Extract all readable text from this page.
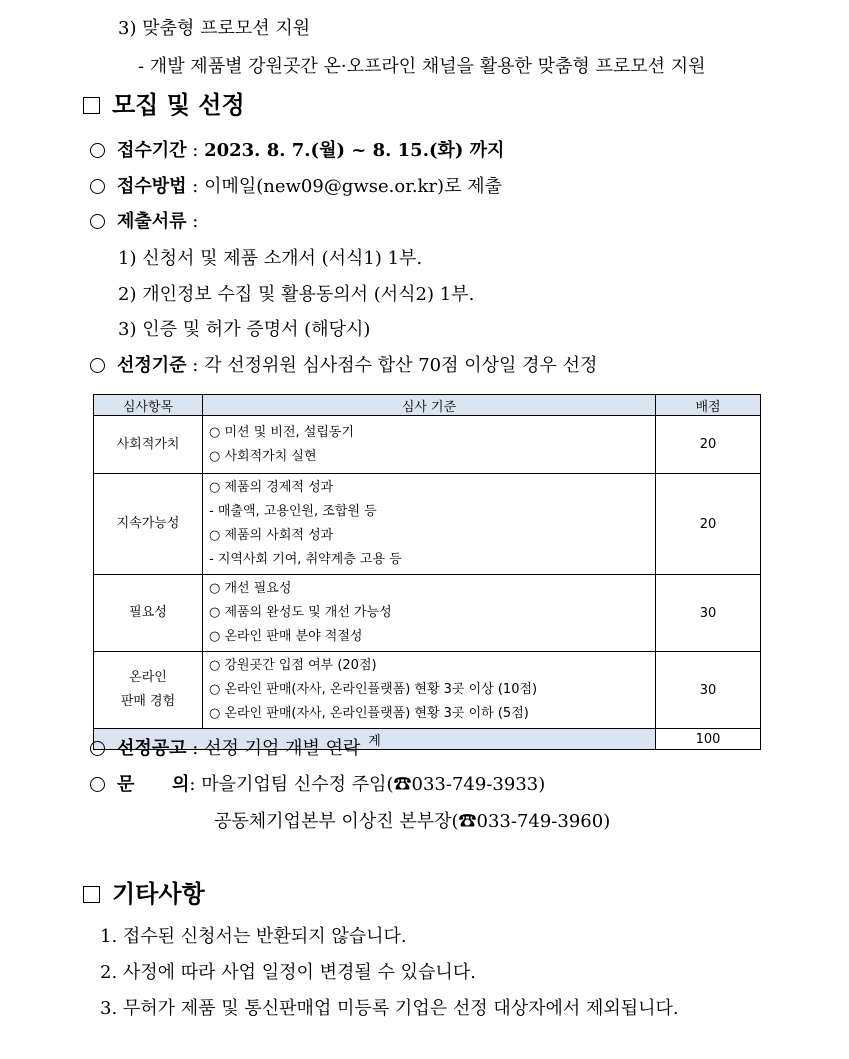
3) 맞춤형 프로모션 지원
- 개발 제품별 강원곳간 온·오프라인 채널을 활용한 맞춤형 프로모션 지원
모집 및 선정
접수기간 : 2023. 8. 7.(월) ~ 8. 15.(화) 까지
접수방법 : 이메일(new09@gwse.or.kr)로 제출
제출서류 :
1) 신청서 및 제품 소개서 (서식1) 1부.
2) 개인정보 수집 및 활용동의서 (서식2) 1부.
3) 인증 및 허가 증명서 (해당시)
선정기준 : 각 선정위원 심사점수 합산 70점 이상일 경우 선정
심사항목	심사 기준	배점
사회적가치	○ 미션 및 비전, 설립동기
○ 사회적가치 실현	20
지속가능성	○ 제품의 경제적 성과
- 매출액, 고용인원, 조합원 등
○ 제품의 사회적 성과
- 지역사회 기여, 취약계층 고용 등	20
필요성	○ 개선 필요성
○ 제품의 완성도 및 개선 가능성
○ 온라인 판매 분야 적절성	30

온라인
판매 경험	○ 강원곳간 입점 여부 (20점)
○ 온라인 판매(자사, 온라인플랫폼) 현황 3곳 이상 (10점)
○ 온라인 판매(자사, 온라인플랫폼) 현황 3곳 이하 (5점)	30
계		100
선정공고 : 선정 기업 개별 연락
문      의: 마을기업팀 신수정 주임(☎033-749-3933)
공동체기업본부 이상진 본부장(☎033-749-3960)
기타사항
1. 접수된 신청서는 반환되지 않습니다.
2. 사정에 따라 사업 일정이 변경될 수 있습니다.
3. 무허가 제품 및 통신판매업 미등록 기업은 선정 대상자에서 제외됩니다.
